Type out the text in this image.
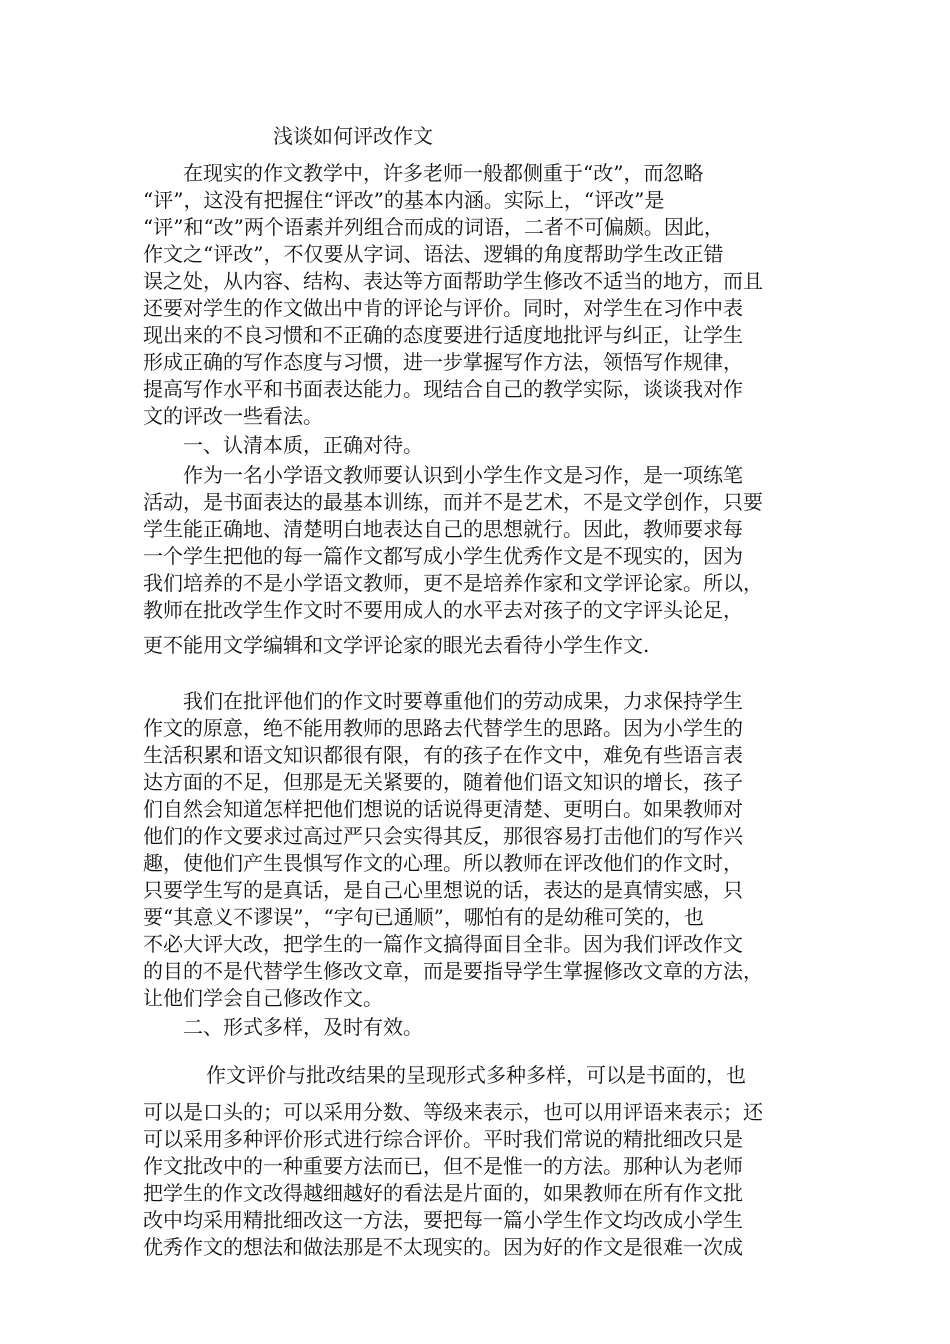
浅谈如何评改作文
在现实的作文教学中，许多老师一般都侧重于“改”，而忽略
“评”，这没有把握住“评改”的基本内涵。实际上，“评改”是
“评”和“改”两个语素并列组合而成的词语，二者不可偏颇。因此，
作文之“评改”，不仅要从字词、语法、逻辑的角度帮助学生改正错
误之处，从内容、结构、表达等方面帮助学生修改不适当的地方，而且
还要对学生的作文做出中肯的评论与评价。同时，对学生在习作中表
现出来的不良习惯和不正确的态度要进行适度地批评与纠正，让学生
形成正确的写作态度与习惯，进一步掌握写作方法，领悟写作规律，
提高写作水平和书面表达能力。现结合自己的教学实际，谈谈我对作
文的评改一些看法。
一、认清本质，正确对待。
作为一名小学语文教师要认识到小学生作文是习作，是一项练笔
活动，是书面表达的最基本训练，而并不是艺术，不是文学创作，只要
学生能正确地、清楚明白地表达自己的思想就行。因此，教师要求每
一个学生把他的每一篇作文都写成小学生优秀作文是不现实的，因为
我们培养的不是小学语文教师，更不是培养作家和文学评论家。所以，
教师在批改学生作文时不要用成人的水平去对孩子的文字评头论足，
更不能用文学编辑和文学评论家的眼光去看待小学生作文.
我们在批评他们的作文时要尊重他们的劳动成果，力求保持学生
作文的原意，绝不能用教师的思路去代替学生的思路。因为小学生的
生活积累和语文知识都很有限，有的孩子在作文中，难免有些语言表
达方面的不足，但那是无关紧要的，随着他们语文知识的增长，孩子
们自然会知道怎样把他们想说的话说得更清楚、更明白。如果教师对
他们的作文要求过高过严只会实得其反，那很容易打击他们的写作兴
趣，使他们产生畏惧写作文的心理。所以教师在评改他们的作文时，
只要学生写的是真话，是自己心里想说的话，表达的是真情实感，只
要“其意义不谬误”，“字句已通顺”，哪怕有的是幼稚可笑的，也
不必大评大改，把学生的一篇作文搞得面目全非。因为我们评改作文
的目的不是代替学生修改文章，而是要指导学生掌握修改文章的方法，
让他们学会自己修改作文。
二、形式多样，及时有效。
作文评价与批改结果的呈现形式多种多样，可以是书面的，也
可以是口头的；可以采用分数、等级来表示，也可以用评语来表示；还
可以采用多种评价形式进行综合评价。平时我们常说的精批细改只是
作文批改中的一种重要方法而已，但不是惟一的方法。那种认为老师
把学生的作文改得越细越好的看法是片面的，如果教师在所有作文批
改中均采用精批细改这一方法，要把每一篇小学生作文均改成小学生
优秀作文的想法和做法那是不太现实的。因为好的作文是很难一次成
